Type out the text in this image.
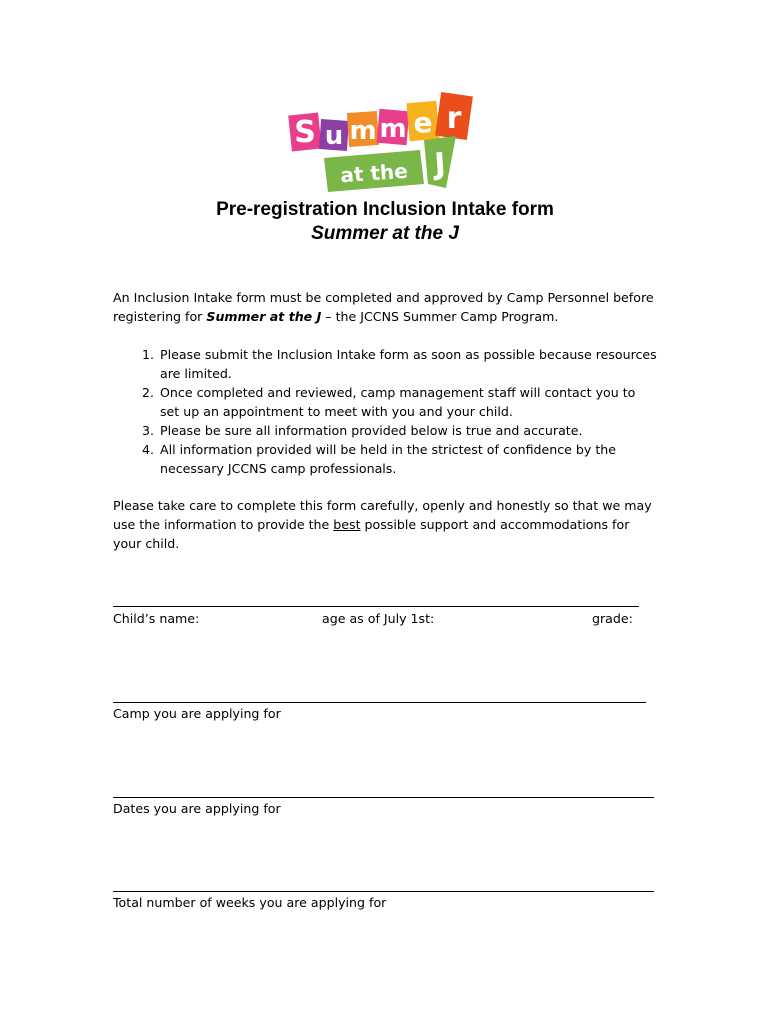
S u m m e r
at the J
Pre-registration Inclusion Intake form
Summer at the J
An Inclusion Intake form must be completed and approved by Camp Personnel before registering for Summer at the J – the JCCNS Summer Camp Program.
1. Please submit the Inclusion Intake form as soon as possible because resources are limited.
2. Once completed and reviewed, camp management staff will contact you to set up an appointment to meet with you and your child.
3. Please be sure all information provided below is true and accurate.
4. All information provided will be held in the strictest of confidence by the necessary JCCNS camp professionals.
Please take care to complete this form carefully, openly and honestly so that we may use the information to provide the best possible support and accommodations for your child.
Child’s name:	age as of July 1st:	grade:
Camp you are applying for
Dates you are applying for
Total number of weeks you are applying for
